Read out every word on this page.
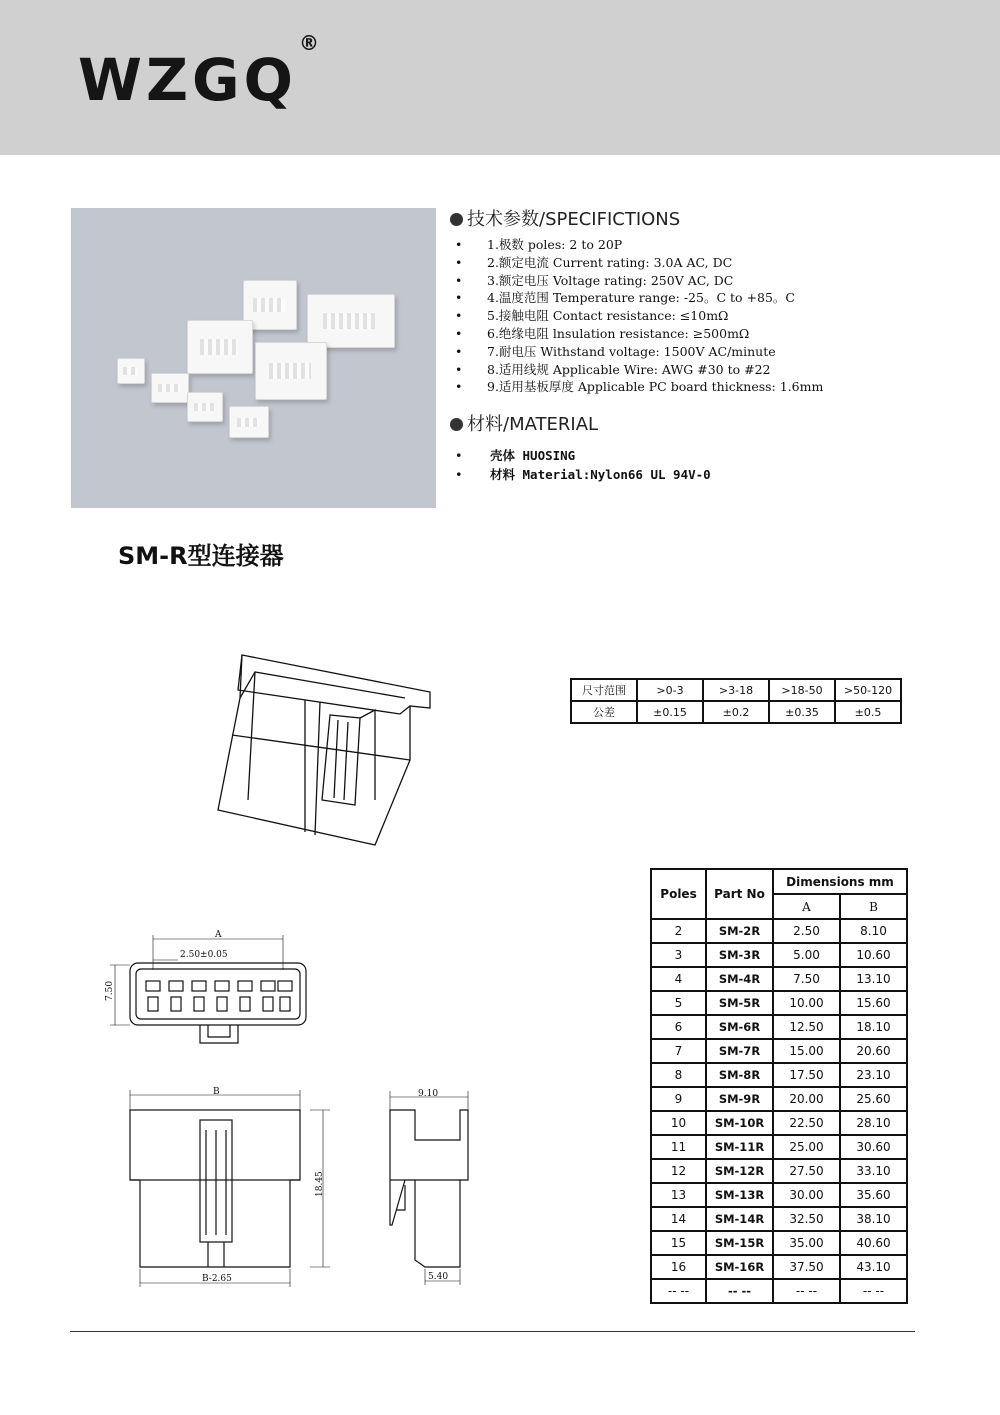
WZGQ®
技术参数/SPECIFICTIONS
• 1.极数 poles: 2 to 20P
• 2.额定电流 Current rating: 3.0A AC, DC
• 3.额定电压 Voltage rating: 250V AC, DC
• 4.温度范围 Temperature range: -25。C to +85。C
• 5.接触电阻 Contact resistance: ≤10mΩ
• 6.绝缘电阻 lnsulation resistance: ≥500mΩ
• 7.耐电压 Withstand voltage: 1500V AC/minute
• 8.适用线规 Applicable Wire: AWG #30 to #22
• 9.适用基板厚度 Applicable PC board thickness: 1.6mm
材料/MATERIAL
• 壳体 HUOSING
• 材料 Material:Nylon66 UL 94V-0
SM-R型连接器
A
2.50±0.05
7.50
B
18.45
B-2.65
9.10
5.40
尺寸范围	>0-3	>3-18	>18-50	>50-120
公差	±0.15	±0.2	±0.35	±0.5
Poles	Part No	Dimensions mm	
		A	B
2	SM-2R	2.50	8.10
3	SM-3R	5.00	10.60
4	SM-4R	7.50	13.10
5	SM-5R	10.00	15.60
6	SM-6R	12.50	18.10
7	SM-7R	15.00	20.60
8	SM-8R	17.50	23.10
9	SM-9R	20.00	25.60
10	SM-10R	22.50	28.10
11	SM-11R	25.00	30.60
12	SM-12R	27.50	33.10
13	SM-13R	30.00	35.60
14	SM-14R	32.50	38.10
15	SM-15R	35.00	40.60
16	SM-16R	37.50	43.10
-- --	-- --	-- --	-- --
